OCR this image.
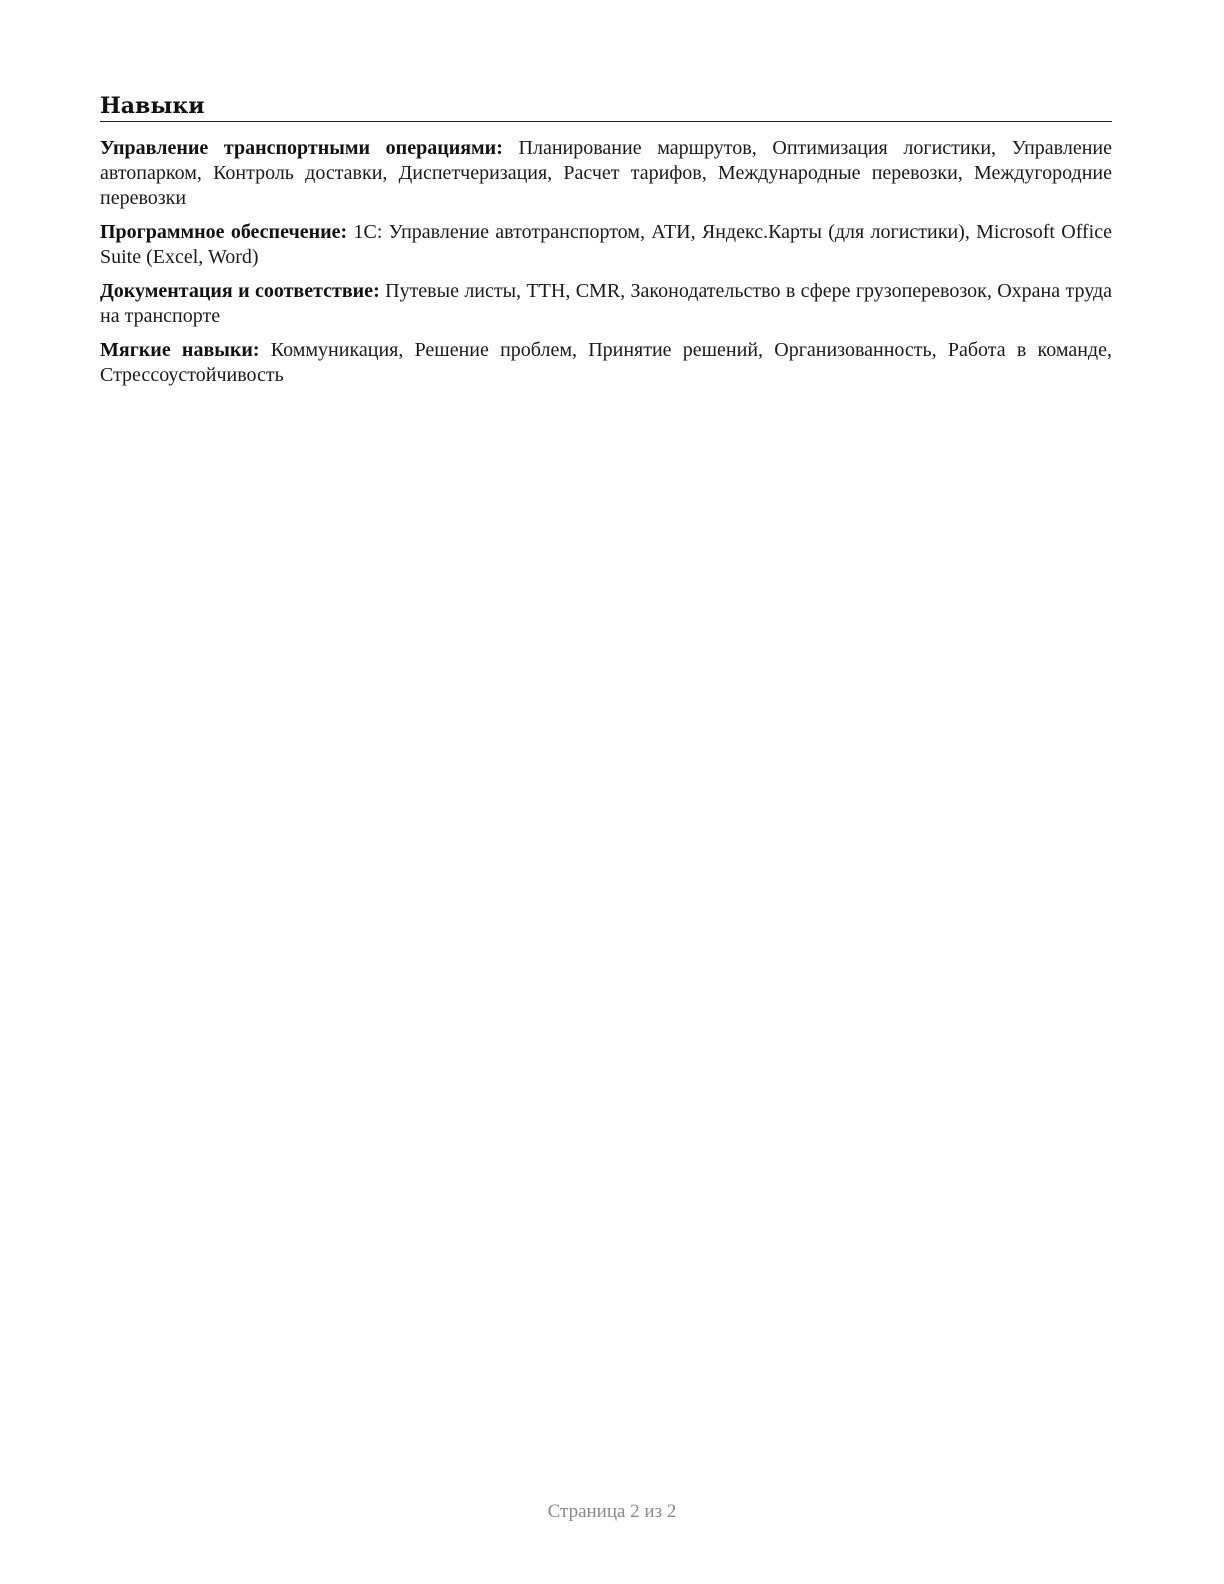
Навыки

Управление транспортными операциями: Планирование маршрутов, Оптимизация логистики, Управление автопарком, Контроль доставки, Диспетчеризация, Расчет тарифов, Международные перевозки, Междугородние перевозки

Программное обеспечение: 1С: Управление автотранспортом, АТИ, Яндекс.Карты (для логистики), Microsoft Office Suite (Excel, Word)

Документация и соответствие: Путевые листы, ТТН, CMR, Законодательство в сфере грузоперевозок, Охрана труда на транспорте

Мягкие навыки: Коммуникация, Решение проблем, Принятие решений, Организованность, Работа в команде, Стрессоустойчивость

Страница 2 из 2
